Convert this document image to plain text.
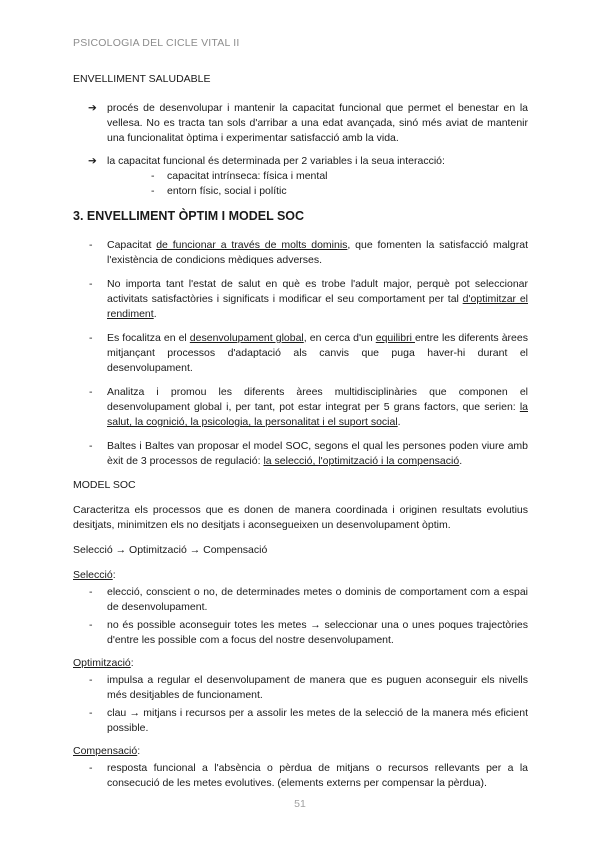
PSICOLOGIA DEL CICLE VITAL II
ENVELLIMENT SALUDABLE
➔ procés de desenvolupar i mantenir la capacitat funcional que permet el benestar en la vellesa. No es tracta tan sols d'arribar a una edat avançada, sinó més aviat de mantenir una funcionalitat òptima i experimentar satisfacció amb la vida.
➔ la capacitat funcional és determinada per 2 variables i la seua interacció:
- capacitat intrínseca: física i mental
- entorn físic, social i polític
3. ENVELLIMENT ÒPTIM I MODEL SOC
- Capacitat de funcionar a través de molts dominis, que fomenten la satisfacció malgrat l'existència de condicions mèdiques adverses.
- No importa tant l'estat de salut en què es trobe l'adult major, perquè pot seleccionar activitats satisfactòries i significats i modificar el seu comportament per tal d'optimitzar el rendiment.
- Es focalitza en el desenvolupament global, en cerca d'un equilibri entre les diferents àrees mitjançant processos d'adaptació als canvis que puga haver-hi durant el desenvolupament.
- Analitza i promou les diferents àrees multidisciplinàries que componen el desenvolupament global i, per tant, pot estar integrat per 5 grans factors, que serien: la salut, la cognició, la psicologia, la personalitat i el suport social.
- Baltes i Baltes van proposar el model SOC, segons el qual les persones poden viure amb èxit de 3 processos de regulació: la selecció, l'optimització i la compensació.
MODEL SOC
Caracteritza els processos que es donen de manera coordinada i originen resultats evolutius desitjats, minimitzen els no desitjats i aconsegueixen un desenvolupament òptim.
Selecció → Optimització → Compensació
Selecció:
- elecció, conscient o no, de determinades metes o dominis de comportament com a espai de desenvolupament.
- no és possible aconseguir totes les metes → seleccionar una o unes poques trajectòries d'entre les possible com a focus del nostre desenvolupament.
Optimització:
- impulsa a regular el desenvolupament de manera que es puguen aconseguir els nivells més desitjables de funcionament.
- clau → mitjans i recursos per a assolir les metes de la selecció de la manera més eficient possible.
Compensació:
- resposta funcional a l'absència o pèrdua de mitjans o recursos rellevants per a la consecució de les metes evolutives. (elements externs per compensar la pèrdua).
51
